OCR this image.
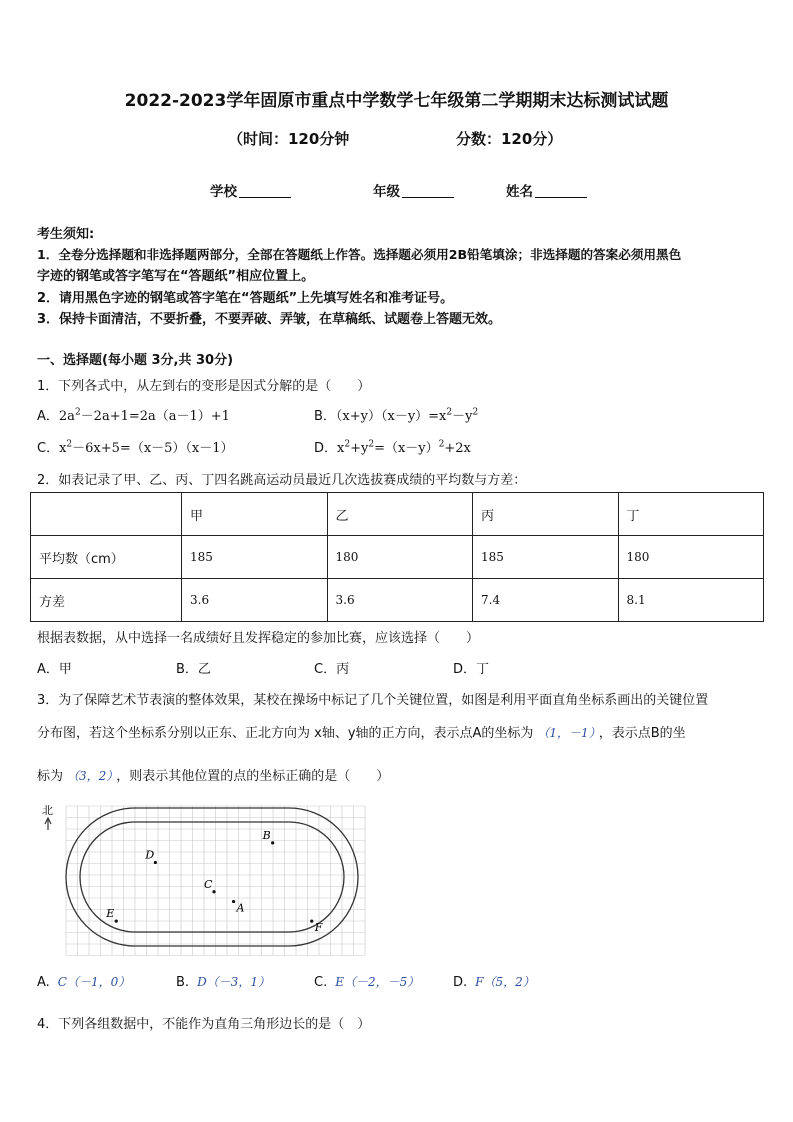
2022-2023学年固原市重点中学数学七年级第二学期期末达标测试试题
（时间：120分钟	分数：120分）
学校	年级	姓名
考生须知:
1．全卷分选择题和非选择题两部分，全部在答题纸上作答。选择题必须用2B铅笔填涂；非选择题的答案必须用黑色
字迹的钢笔或答字笔写在“答题纸”相应位置上。
2．请用黑色字迹的钢笔或答字笔在“答题纸”上先填写姓名和准考证号。
3．保持卡面清洁，不要折叠，不要弄破、弄皱，在草稿纸、试题卷上答题无效。
一、选择题(每小题 3分,共 30分)
1．下列各式中，从左到右的变形是因式分解的是（　　）
A．$2a^2-2a+1=2a(a-1)+1$	B．$(x+y)(x-y)=x^2-y^2$
C．$x^2-6x+5=(x-5)(x-1)$	D．$x^2+y^2=(x-y)^2+2x$
2．如表记录了甲、乙、丙、丁四名跳高运动员最近几次选拔赛成绩的平均数与方差：
	甲	乙	丙	丁
平均数（cm）	185	180	185	180
方差	3.6	3.6	7.4	8.1
根据表数据，从中选择一名成绩好且发挥稳定的参加比赛，应该选择（　　）
A．甲	B．乙	C．丙	D．丁
3．为了保障艺术节表演的整体效果，某校在操场中标记了几个关键位置，如图是利用平面直角坐标系画出的关键位置
分布图，若这个坐标系分别以正东、正北方向为 x轴、y轴的正方向，表示点A的坐标为 （1，－1） ，表示点B的坐
标为 （3，2） ，则表示其他位置的点的坐标正确的是（　　）
北
A
B
C
D
E
F
A. C（－1，0）	B. D（－3，1）	C. E（－2，－5）	D. F（5，2）
4．下列各组数据中，不能作为直角三角形边长的是（　）
